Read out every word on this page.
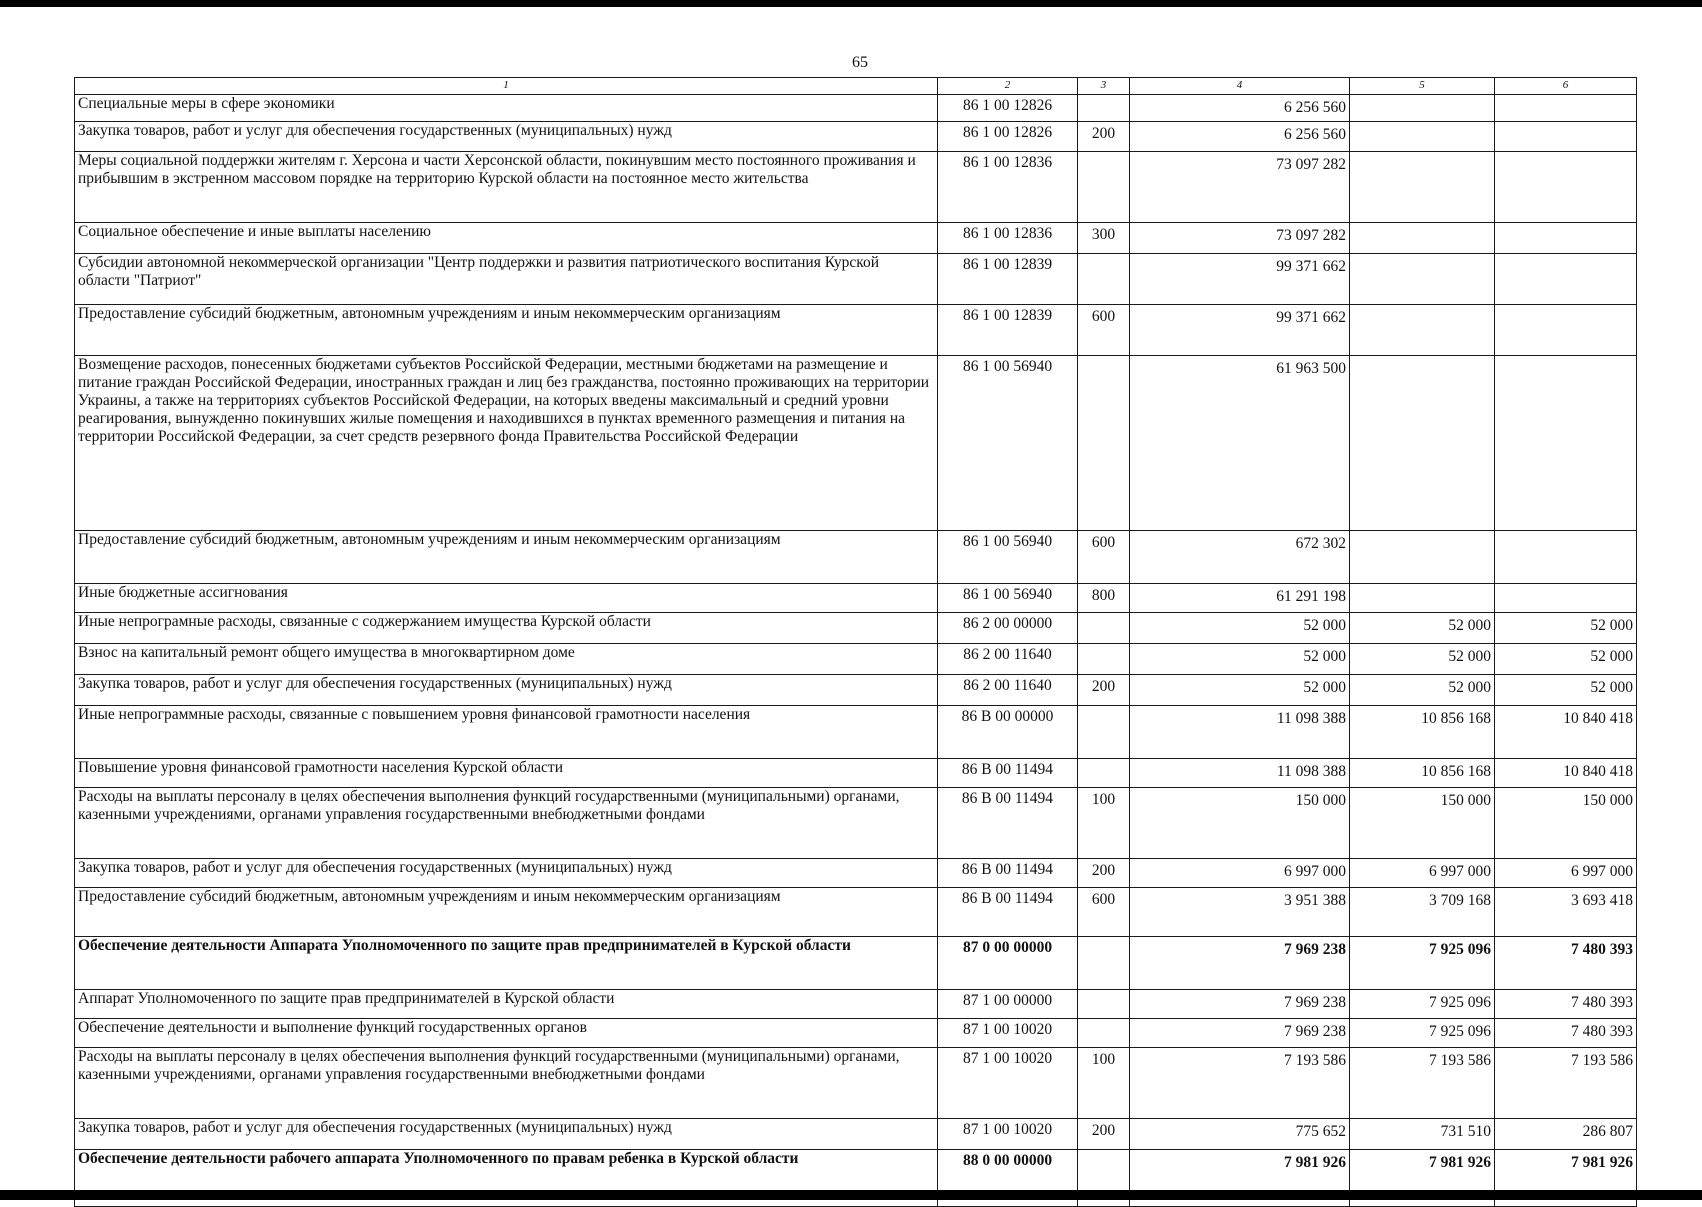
65
1	2	3	4	5	6
Специальные меры в сфере экономики	86 1 00 12826		6 256 560		
Закупка товаров, работ и услуг для обеспечения государственных (муниципальных) нужд	86 1 00 12826	200	6 256 560		
Меры социальной поддержки жителям г. Херсона и части Херсонской области, покинувшим место постоянного проживания и прибывшим в экстренном массовом порядке на территорию Курской области на постоянное место жительства	86 1 00 12836		73 097 282		
Социальное обеспечение и иные выплаты населению	86 1 00 12836	300	73 097 282		
Субсидии автономной некоммерческой организации "Центр поддержки и развития патриотического воспитания Курской области "Патриот"	86 1 00 12839		99 371 662		
Предоставление субсидий бюджетным, автономным учреждениям и иным некоммерческим организациям	86 1 00 12839	600	99 371 662		
Возмещение расходов, понесенных бюджетами субъектов Российской Федерации, местными бюджетами на размещение и питание граждан Российской Федерации, иностранных граждан и лиц без гражданства, постоянно проживающих на территории Украины, а также на территориях субъектов Российской Федерации, на которых введены максимальный и средний уровни реагирования, вынужденно покинувших жилые помещения и находившихся в пунктах временного размещения и питания на территории Российской Федерации, за счет средств резервного фонда Правительства Российской Федерации	86 1 00 56940		61 963 500		
Предоставление субсидий бюджетным, автономным учреждениям и иным некоммерческим организациям	86 1 00 56940	600	672 302		
Иные бюджетные ассигнования	86 1 00 56940	800	61 291 198		
Иные непрограмные расходы, связанные с соджержанием имущества Курской области	86 2 00 00000		52 000	52 000	52 000
Взнос на капитальный ремонт общего имущества в многоквартирном доме	86 2 00 11640		52 000	52 000	52 000
Закупка товаров, работ и услуг для обеспечения государственных (муниципальных) нужд	86 2 00 11640	200	52 000	52 000	52 000
Иные непрограммные расходы, связанные с повышением уровня финансовой грамотности населения	86 В 00 00000		11 098 388	10 856 168	10 840 418
Повышение уровня финансовой грамотности населения Курской области	86 В 00 11494		11 098 388	10 856 168	10 840 418
Расходы на выплаты персоналу в целях обеспечения выполнения функций государственными (муниципальными) органами, казенными учреждениями, органами управления государственными внебюджетными фондами	86 В 00 11494	100	150 000	150 000	150 000
Закупка товаров, работ и услуг для обеспечения государственных (муниципальных) нужд	86 В 00 11494	200	6 997 000	6 997 000	6 997 000
Предоставление субсидий бюджетным, автономным учреждениям и иным некоммерческим организациям	86 В 00 11494	600	3 951 388	3 709 168	3 693 418
Обеспечение деятельности Аппарата Уполномоченного по защите прав предпринимателей в Курской области	87 0 00 00000		7 969 238	7 925 096	7 480 393
Аппарат Уполномоченного по защите прав предпринимателей в Курской области	87 1 00 00000		7 969 238	7 925 096	7 480 393
Обеспечение деятельности и выполнение функций государственных органов	87 1 00 10020		7 969 238	7 925 096	7 480 393
Расходы на выплаты персоналу в целях обеспечения выполнения функций государственными (муниципальными) органами, казенными учреждениями, органами управления государственными внебюджетными фондами	87 1 00 10020	100	7 193 586	7 193 586	7 193 586
Закупка товаров, работ и услуг для обеспечения государственных (муниципальных) нужд	87 1 00 10020	200	775 652	731 510	286 807
Обеспечение деятельности рабочего аппарата Уполномоченного по правам ребенка в Курской области	88 0 00 00000		7 981 926	7 981 926	7 981 926
